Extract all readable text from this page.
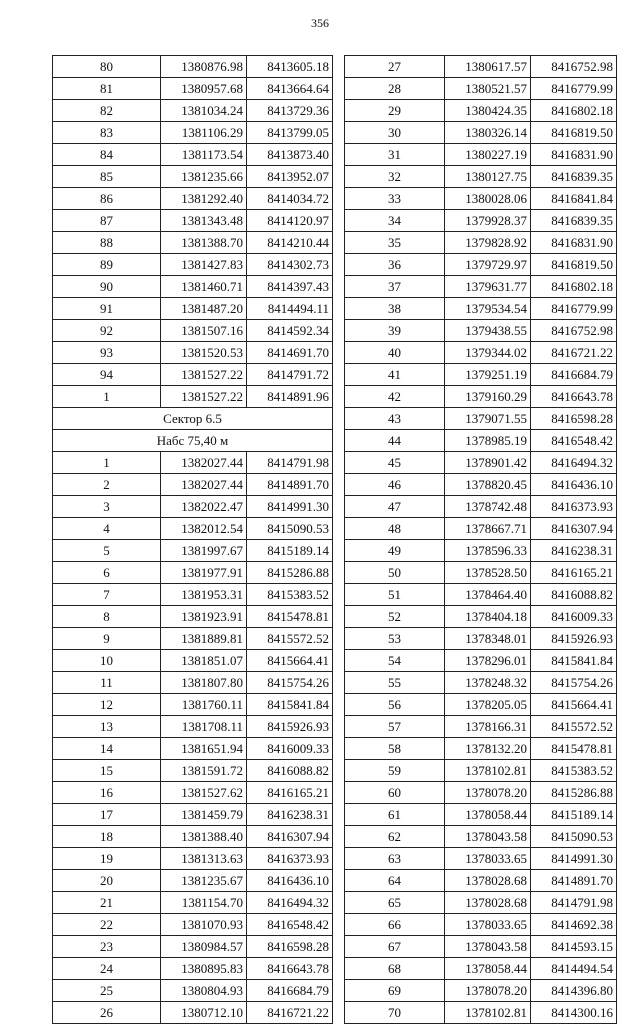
356
80	1380876.98	8413605.18
81	1380957.68	8413664.64
82	1381034.24	8413729.36
83	1381106.29	8413799.05
84	1381173.54	8413873.40
85	1381235.66	8413952.07
86	1381292.40	8414034.72
87	1381343.48	8414120.97
88	1381388.70	8414210.44
89	1381427.83	8414302.73
90	1381460.71	8414397.43
91	1381487.20	8414494.11
92	1381507.16	8414592.34
93	1381520.53	8414691.70
94	1381527.22	8414791.72
1	1381527.22	8414891.96
Сектор 6.5		
Набс 75,40 м		
1	1382027.44	8414791.98
2	1382027.44	8414891.70
3	1382022.47	8414991.30
4	1382012.54	8415090.53
5	1381997.67	8415189.14
6	1381977.91	8415286.88
7	1381953.31	8415383.52
8	1381923.91	8415478.81
9	1381889.81	8415572.52
10	1381851.07	8415664.41
11	1381807.80	8415754.26
12	1381760.11	8415841.84
13	1381708.11	8415926.93
14	1381651.94	8416009.33
15	1381591.72	8416088.82
16	1381527.62	8416165.21
17	1381459.79	8416238.31
18	1381388.40	8416307.94
19	1381313.63	8416373.93
20	1381235.67	8416436.10
21	1381154.70	8416494.32
22	1381070.93	8416548.42
23	1380984.57	8416598.28
24	1380895.83	8416643.78
25	1380804.93	8416684.79
26	1380712.10	8416721.22
27	1380617.57	8416752.98
28	1380521.57	8416779.99
29	1380424.35	8416802.18
30	1380326.14	8416819.50
31	1380227.19	8416831.90
32	1380127.75	8416839.35
33	1380028.06	8416841.84
34	1379928.37	8416839.35
35	1379828.92	8416831.90
36	1379729.97	8416819.50
37	1379631.77	8416802.18
38	1379534.54	8416779.99
39	1379438.55	8416752.98
40	1379344.02	8416721.22
41	1379251.19	8416684.79
42	1379160.29	8416643.78
43	1379071.55	8416598.28
44	1378985.19	8416548.42
45	1378901.42	8416494.32
46	1378820.45	8416436.10
47	1378742.48	8416373.93
48	1378667.71	8416307.94
49	1378596.33	8416238.31
50	1378528.50	8416165.21
51	1378464.40	8416088.82
52	1378404.18	8416009.33
53	1378348.01	8415926.93
54	1378296.01	8415841.84
55	1378248.32	8415754.26
56	1378205.05	8415664.41
57	1378166.31	8415572.52
58	1378132.20	8415478.81
59	1378102.81	8415383.52
60	1378078.20	8415286.88
61	1378058.44	8415189.14
62	1378043.58	8415090.53
63	1378033.65	8414991.30
64	1378028.68	8414891.70
65	1378028.68	8414791.98
66	1378033.65	8414692.38
67	1378043.58	8414593.15
68	1378058.44	8414494.54
69	1378078.20	8414396.80
70	1378102.81	8414300.16
